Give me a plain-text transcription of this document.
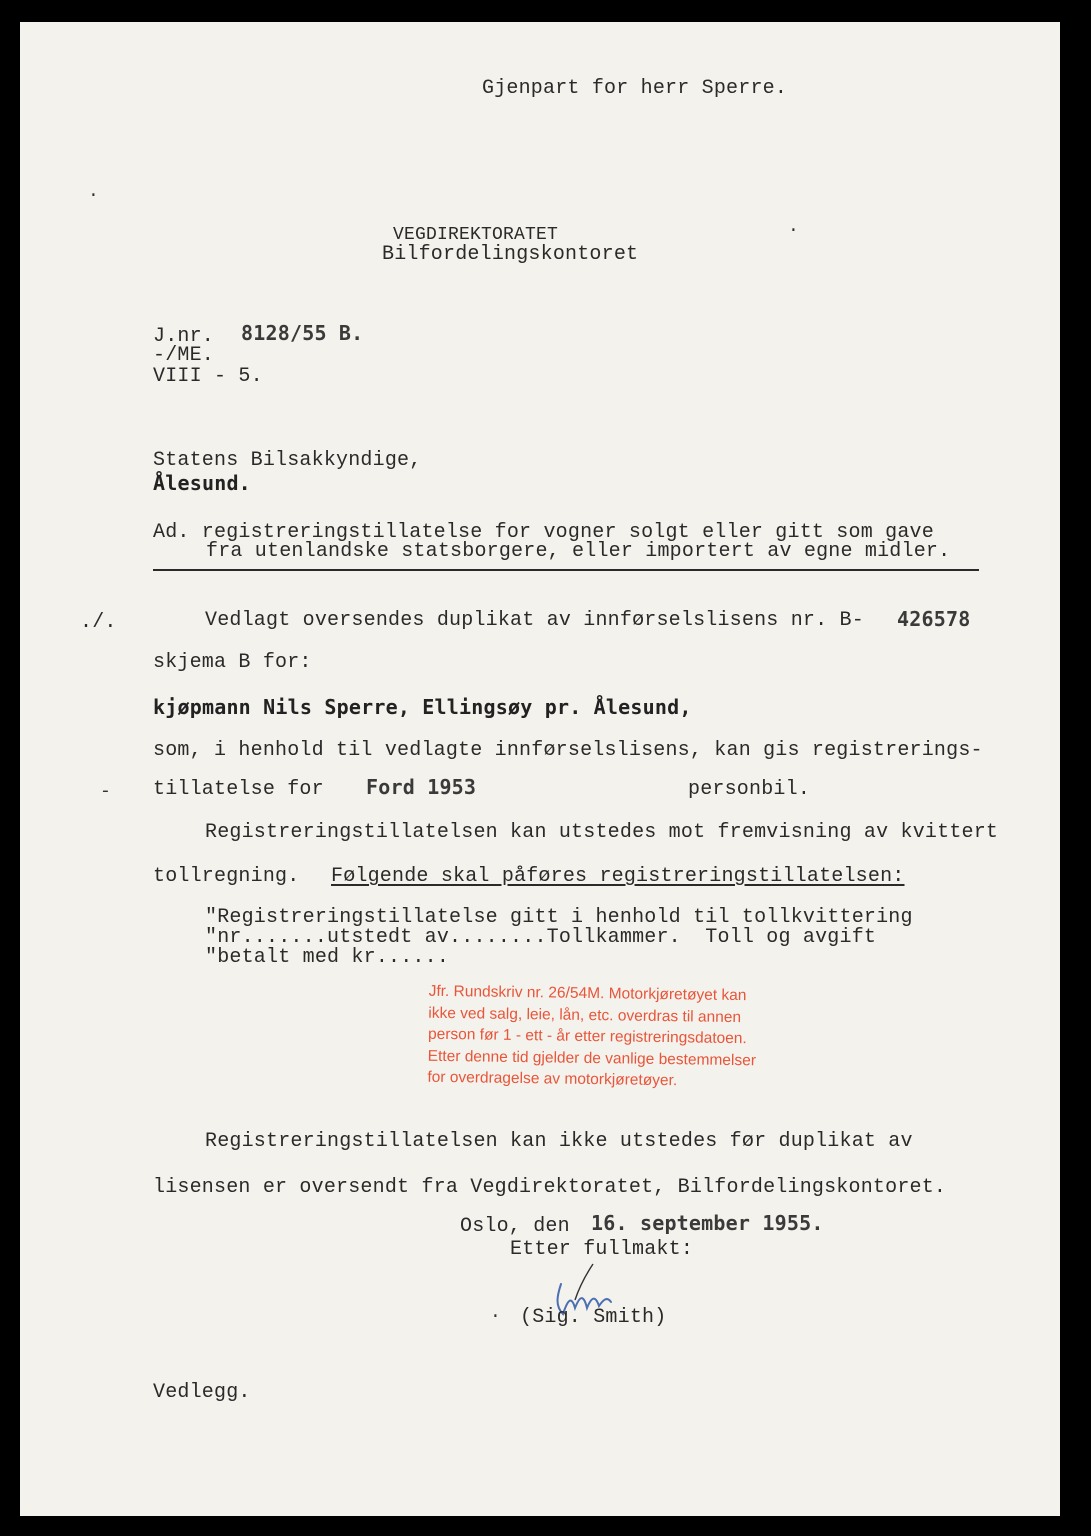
Gjenpart for herr Sperre.
VEGDIREKTORATET
Bilfordelingskontoret
J.nr. 8128/55 B.
-/ME.
VIII - 5.
Statens Bilsakkyndige,
Ålesund.
Ad. registreringstillatelse for vogner solgt eller gitt som gave
fra utenlandske statsborgere, eller importert av egne midler.
./.	Vedlagt oversendes duplikat av innførselslisens nr. B- 426578
skjema B for:
kjøpmann Nils Sperre, Ellingsøy pr. Ålesund,
som, i henhold til vedlagte innførselslisens, kan gis registrerings-
tillatelse for Ford 1953	personbil.
Registreringstillatelsen kan utstedes mot fremvisning av kvittert
tollregning. Følgende skal påføres registreringstillatelsen:
"Registreringstillatelse gitt i henhold til tollkvittering
"nr.......utstedt av........Tollkammer.  Toll og avgift
"betalt med kr......
Jfr. Rundskriv nr. 26/54M. Motorkjøretøyet kan
ikke ved salg, leie, lån, etc. overdras til annen
person før 1 - ett - år etter registreringsdatoen.
Etter denne tid gjelder de vanlige bestemmelser
for overdragelse av motorkjøretøyer.
Registreringstillatelsen kan ikke utstedes før duplikat av
lisensen er oversendt fra Vegdirektoratet, Bilfordelingskontoret.
Oslo, den 16. september 1955.
Etter fullmakt:
(Sig. Smith)
Vedlegg.
.
.
-
·
